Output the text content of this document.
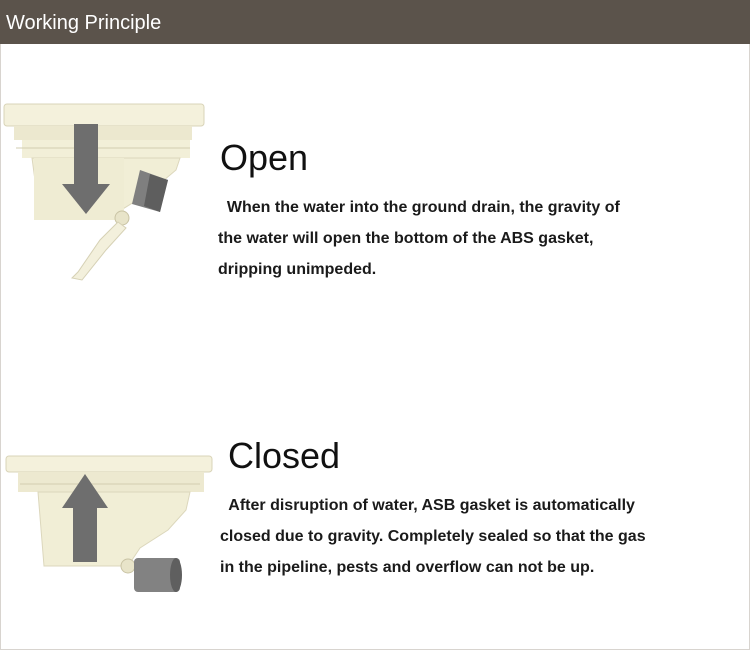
Working Principle
Open
When the water into the ground drain, the gravity of
the water will open the bottom of the ABS gasket,
dripping unimpeded.
Closed
After disruption of water, ASB gasket is automatically
closed due to gravity. Completely sealed so that the gas
in the pipeline, pests and overflow can not be up.
